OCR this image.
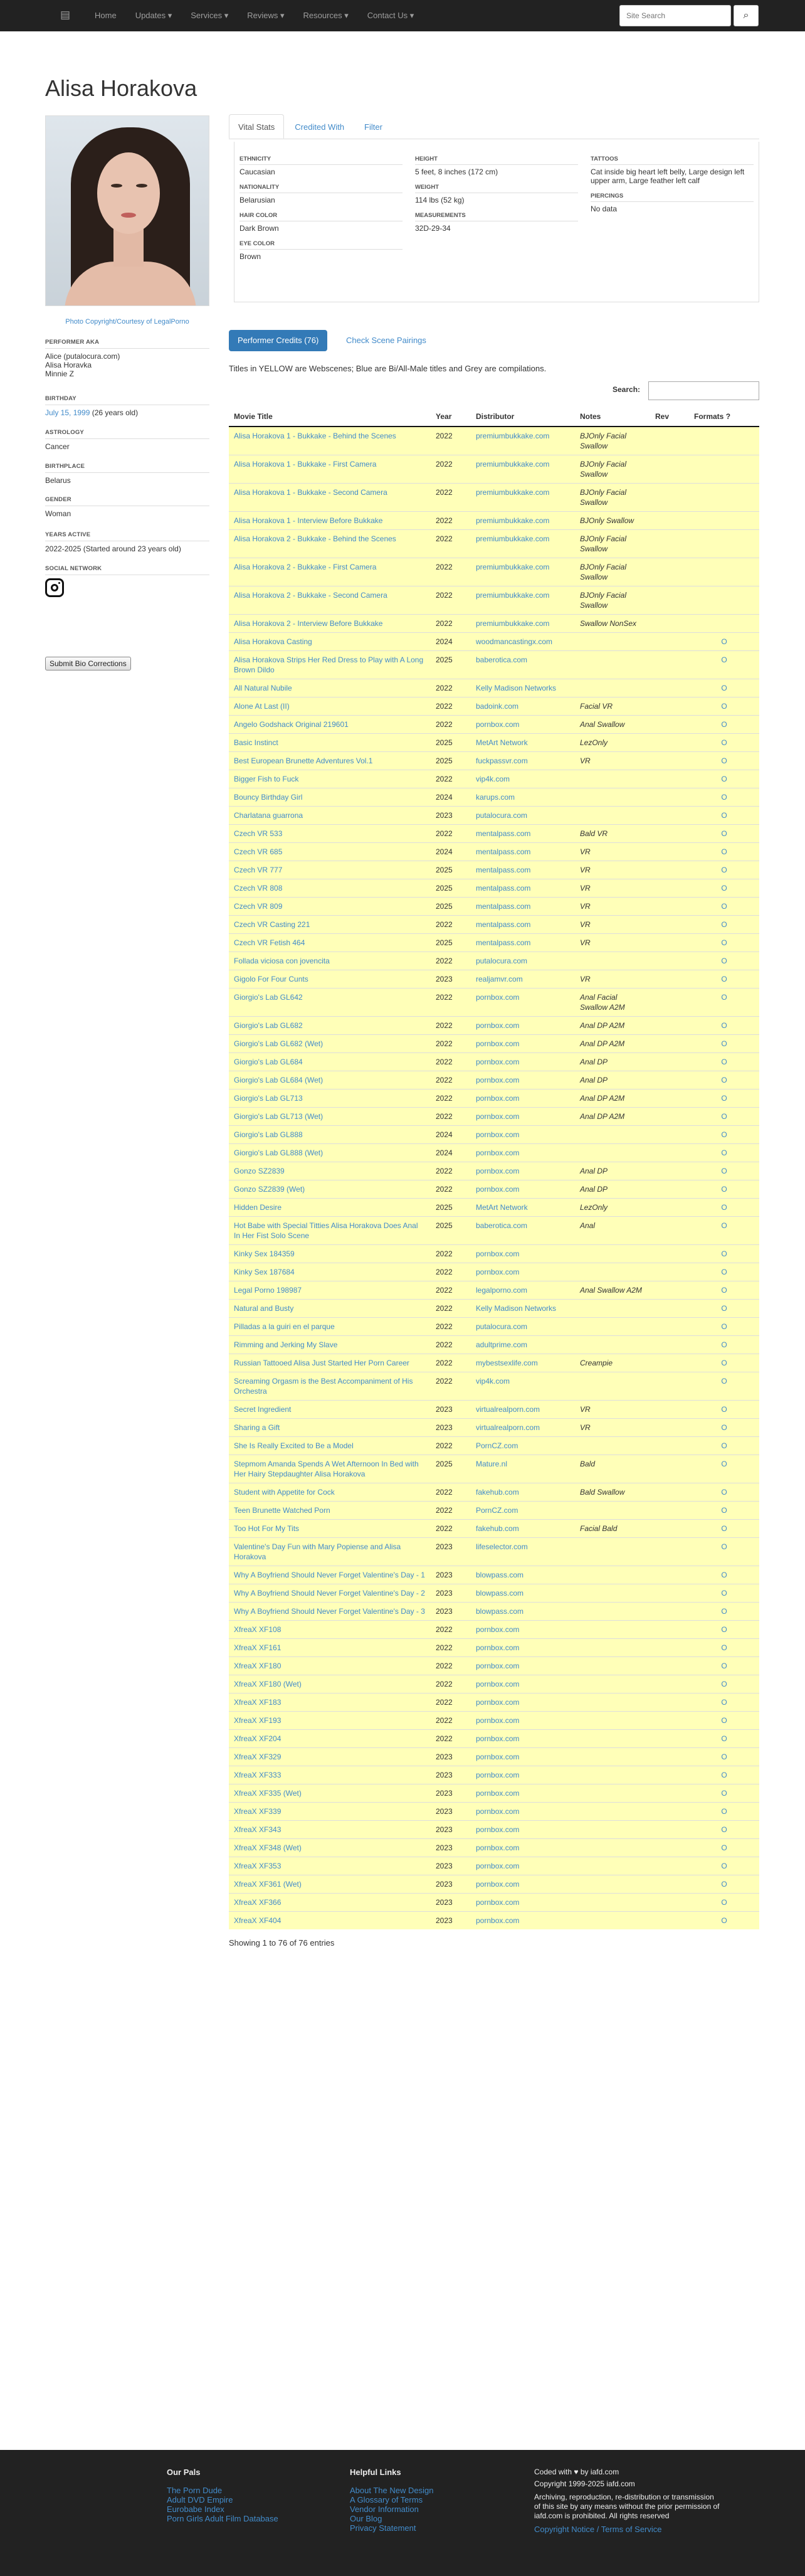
▤	Home	Updates ▾	Services ▾	Reviews ▾	Resources ▾	Contact Us ▾
Site Search	⌕
Alisa Horakova
Photo Copyright/Courtesy of LegalPorno
PERFORMER AKA
Alice (putalocura.com)
Alisa Horavka
Minnie Z
BIRTHDAY
July 15, 1999 (26 years old)
ASTROLOGY
Cancer
BIRTHPLACE
Belarus
GENDER
Woman
YEARS ACTIVE
2022-2025 (Started around 23 years old)
SOCIAL NETWORK
Submit Bio Corrections
Vital Stats	Credited With	Filter
ETHNICITY
Caucasian
NATIONALITY
Belarusian
HAIR COLOR
Dark Brown
EYE COLOR
Brown
HEIGHT
5 feet, 8 inches (172 cm)
WEIGHT
114 lbs (52 kg)
MEASUREMENTS
32D-29-34
TATTOOS
Cat inside big heart left belly, Large design left upper arm, Large feather left calf
PIERCINGS
No data
Performer Credits (76)	Check Scene Pairings
Titles in YELLOW are Webscenes; Blue are Bi/All-Male titles and Grey are compilations.
Search:
Movie Title	Year	Distributor	Notes	Rev	Formats ?
Alisa Horakova 1 - Bukkake - Behind the Scenes	2022	premiumbukkake.com	BJOnly Facial Swallow		
Alisa Horakova 1 - Bukkake - First Camera	2022	premiumbukkake.com	BJOnly Facial Swallow		
Alisa Horakova 1 - Bukkake - Second Camera	2022	premiumbukkake.com	BJOnly Facial Swallow		
Alisa Horakova 1 - Interview Before Bukkake	2022	premiumbukkake.com	BJOnly Swallow		
Alisa Horakova 2 - Bukkake - Behind the Scenes	2022	premiumbukkake.com	BJOnly Facial Swallow		
Alisa Horakova 2 - Bukkake - First Camera	2022	premiumbukkake.com	BJOnly Facial Swallow		
Alisa Horakova 2 - Bukkake - Second Camera	2022	premiumbukkake.com	BJOnly Facial Swallow		
Alisa Horakova 2 - Interview Before Bukkake	2022	premiumbukkake.com	Swallow NonSex		
Alisa Horakova Casting	2024	woodmancastingx.com			O
Alisa Horakova Strips Her Red Dress to Play with A Long Brown Dildo	2025	baberotica.com			O
All Natural Nubile	2022	Kelly Madison Networks			O
Alone At Last (II)	2022	badoink.com	Facial VR		O
Angelo Godshack Original 219601	2022	pornbox.com	Anal Swallow		O
Basic Instinct	2025	MetArt Network	LezOnly		O
Best European Brunette Adventures Vol.1	2025	fuckpassvr.com	VR		O
Bigger Fish to Fuck	2022	vip4k.com			O
Bouncy Birthday Girl	2024	karups.com			O
Charlatana guarrona	2023	putalocura.com			O
Czech VR 533	2022	mentalpass.com	Bald VR		O
Czech VR 685	2024	mentalpass.com	VR		O
Czech VR 777	2025	mentalpass.com	VR		O
Czech VR 808	2025	mentalpass.com	VR		O
Czech VR 809	2025	mentalpass.com	VR		O
Czech VR Casting 221	2022	mentalpass.com	VR		O
Czech VR Fetish 464	2025	mentalpass.com	VR		O
Follada viciosa con jovencita	2022	putalocura.com			O
Gigolo For Four Cunts	2023	realjamvr.com	VR		O
Giorgio's Lab GL642	2022	pornbox.com	Anal Facial Swallow A2M		O
Giorgio's Lab GL682	2022	pornbox.com	Anal DP A2M		O
Giorgio's Lab GL682 (Wet)	2022	pornbox.com	Anal DP A2M		O
Giorgio's Lab GL684	2022	pornbox.com	Anal DP		O
Giorgio's Lab GL684 (Wet)	2022	pornbox.com	Anal DP		O
Giorgio's Lab GL713	2022	pornbox.com	Anal DP A2M		O
Giorgio's Lab GL713 (Wet)	2022	pornbox.com	Anal DP A2M		O
Giorgio's Lab GL888	2024	pornbox.com			O
Giorgio's Lab GL888 (Wet)	2024	pornbox.com			O
Gonzo SZ2839	2022	pornbox.com	Anal DP		O
Gonzo SZ2839 (Wet)	2022	pornbox.com	Anal DP		O
Hidden Desire	2025	MetArt Network	LezOnly		O
Hot Babe with Special Titties Alisa Horakova Does Anal In Her Fist Solo Scene	2025	baberotica.com	Anal		O
Kinky Sex 184359	2022	pornbox.com			O
Kinky Sex 187684	2022	pornbox.com			O
Legal Porno 198987	2022	legalporno.com	Anal Swallow A2M		O
Natural and Busty	2022	Kelly Madison Networks			O
Pilladas a la guiri en el parque	2022	putalocura.com			O
Rimming and Jerking My Slave	2022	adultprime.com			O
Russian Tattooed Alisa Just Started Her Porn Career	2022	mybestsexlife.com	Creampie		O
Screaming Orgasm is the Best Accompaniment of His Orchestra	2022	vip4k.com			O
Secret Ingredient	2023	virtualrealporn.com	VR		O
Sharing a Gift	2023	virtualrealporn.com	VR		O
She Is Really Excited to Be a Model	2022	PornCZ.com			O
Stepmom Amanda Spends A Wet Afternoon In Bed with Her Hairy Stepdaughter Alisa Horakova	2025	Mature.nl	Bald		O
Student with Appetite for Cock	2022	fakehub.com	Bald Swallow		O
Teen Brunette Watched Porn	2022	PornCZ.com			O
Too Hot For My Tits	2022	fakehub.com	Facial Bald		O
Valentine's Day Fun with Mary Popiense and Alisa Horakova	2023	lifeselector.com			O
Why A Boyfriend Should Never Forget Valentine's Day - 1	2023	blowpass.com			O
Why A Boyfriend Should Never Forget Valentine's Day - 2	2023	blowpass.com			O
Why A Boyfriend Should Never Forget Valentine's Day - 3	2023	blowpass.com			O
XfreaX XF108	2022	pornbox.com			O
XfreaX XF161	2022	pornbox.com			O
XfreaX XF180	2022	pornbox.com			O
XfreaX XF180 (Wet)	2022	pornbox.com			O
XfreaX XF183	2022	pornbox.com			O
XfreaX XF193	2022	pornbox.com			O
XfreaX XF204	2022	pornbox.com			O
XfreaX XF329	2023	pornbox.com			O
XfreaX XF333	2023	pornbox.com			O
XfreaX XF335 (Wet)	2023	pornbox.com			O
XfreaX XF339	2023	pornbox.com			O
XfreaX XF343	2023	pornbox.com			O
XfreaX XF348 (Wet)	2023	pornbox.com			O
XfreaX XF353	2023	pornbox.com			O
XfreaX XF361 (Wet)	2023	pornbox.com			O
XfreaX XF366	2023	pornbox.com			O
XfreaX XF404	2023	pornbox.com			O
Showing 1 to 76 of 76 entries
Our Pals
The Porn Dude
Adult DVD Empire
Eurobabe Index
Porn Girls Adult Film Database
Helpful Links
About The New Design
A Glossary of Terms
Vendor Information
Our Blog
Privacy Statement
Coded with ♥ by iafd.com
Copyright 1999-2025 iafd.com
Archiving, reproduction, re-distribution or transmission of this site by any means without the prior permission of iafd.com is prohibited. All rights reserved
Copyright Notice / Terms of Service
